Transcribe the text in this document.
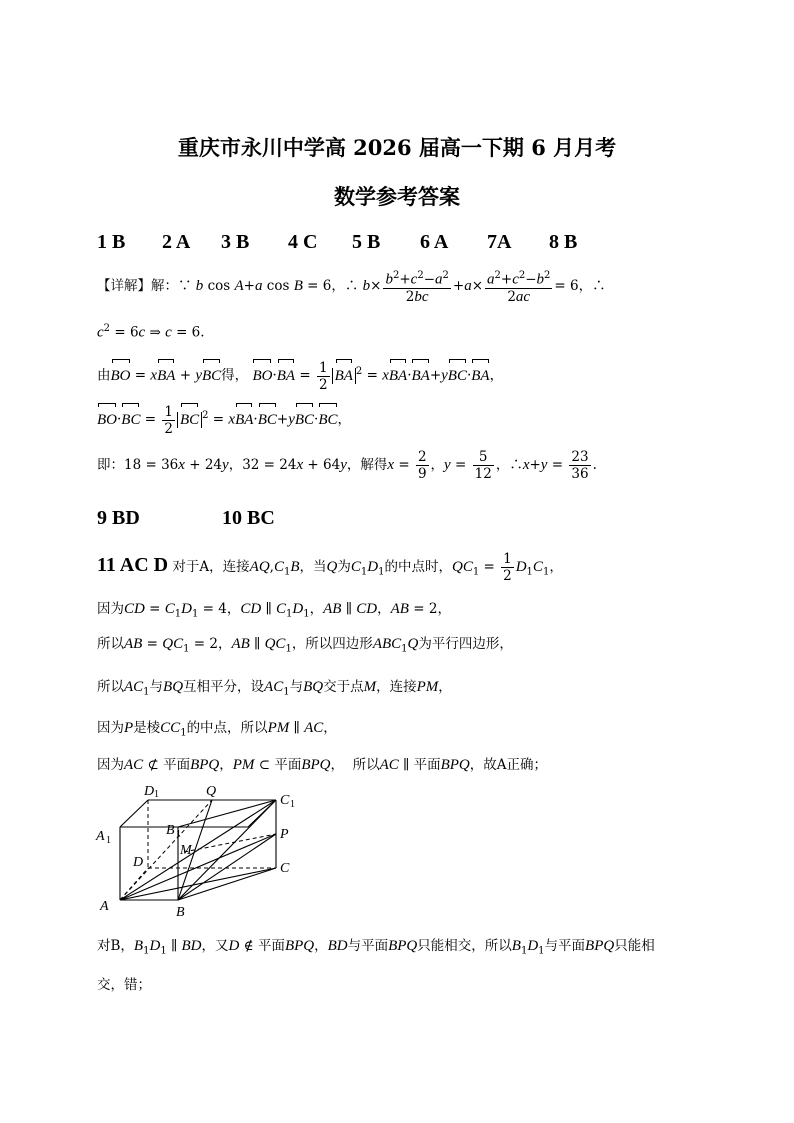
重庆市永川中学高 2026 届高一下期 6 月月考
数学参考答案
1 B 2 A 3 B 4 C 5 B 6 A 7A 8 B
【详解】解：∵ b cos A+a cos B = 6，∴ $b\times \frac{b^2+c^2-a^2}{2bc} +a\times \frac{a^2+c^2-b^2}{2ac} = 6$，∴
$c^2 = 6c$ ⇒ c = 6.
由BO = xBA + yBC得， $BO\cdot BA = \frac{1}{2}$ BA $^2$ = xBA·BA+yBC·BA，
$BO\cdot BC = \frac{1}{2}$ BC $^2$ = xBA·BC+yBC·BC，
即：18 = 36x + 24y，32 = 24x + 64y，解得$x = \frac{2}{9}$ ，$y = \frac{5}{12}$ ，∴x+y = $\frac{23}{36}$ .
9 BD	10 BC
11 AC D 对于A，连接$AQ,C_1B$，当Q为$C_1D_1$的中点时，$QC_1 = \frac{1}{2} D_1C_1$，
因为CD = $C_1D_1 = 4$，CD ∥ $C_1D_1$，AB ∥ CD，AB = 2，
所以AB = $QC_1 = 2$，AB ∥ $QC_1$，所以四边形$ABC_1Q$为平行四边形，
所以$AC_1$与BQ互相平分，设$AC_1$与BQ交于点M，连接PM，
因为P是棱$CC_1$的中点，所以PM ∥ AC，
因为AC ⊄ 平面BPQ，PM ⊂ 平面BPQ， 所以AC ∥ 平面BPQ，故A正确；
D 1	Q
C 1
A 1
B 1	P
D
M
C
A	B
对B，$B_1D_1$ ∥ BD，又D ∉ 平面BPQ，BD与平面BPQ只能相交，所以$B_1D_1$与平面BPQ只能相
交，错；
